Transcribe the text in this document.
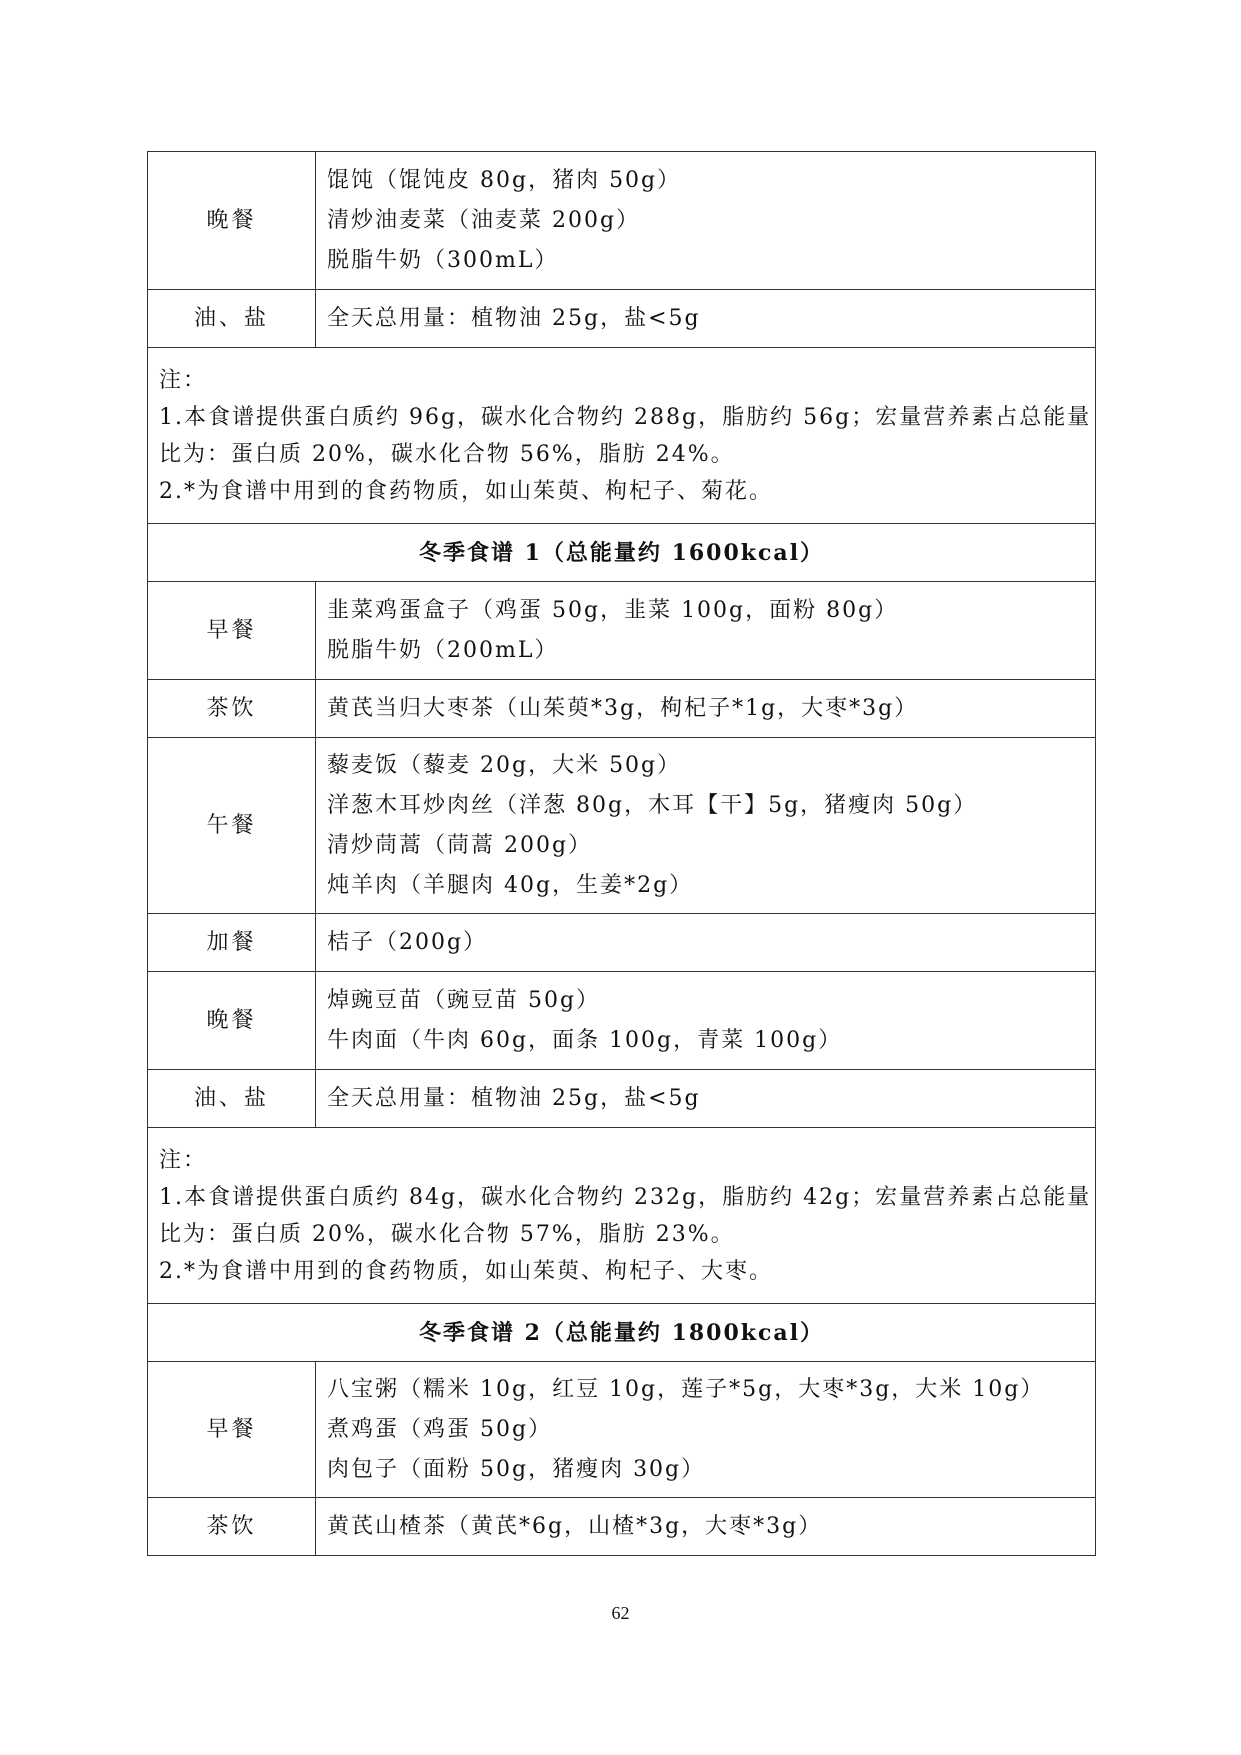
晚餐	馄饨（馄饨皮 80g，猪肉 50g）
清炒油麦菜（油麦菜 200g）
脱脂牛奶（300mL）

油、盐	全天总用量：植物油 25g，盐<5g

注：
1.本食谱提供蛋白质约 96g，碳水化合物约 288g，脂肪约 56g；宏量营养素占总能量比为：蛋白质 20%，碳水化合物 56%，脂肪 24%。
2.*为食谱中用到的食药物质，如山茱萸、枸杞子、菊花。	

冬季食谱 1（总能量约 1600kcal）	
早餐	韭菜鸡蛋盒子（鸡蛋 50g，韭菜 100g，面粉 80g）
脱脂牛奶（200mL）

茶饮	黄芪当归大枣茶（山茱萸*3g，枸杞子*1g，大枣*3g）

午餐	藜麦饭（藜麦 20g，大米 50g）
洋葱木耳炒肉丝（洋葱 80g，木耳【干】5g，猪瘦肉 50g）
清炒茼蒿（茼蒿 200g）
炖羊肉（羊腿肉 40g，生姜*2g）

加餐	桔子（200g）

晚餐	焯豌豆苗（豌豆苗 50g）
牛肉面（牛肉 60g，面条 100g，青菜 100g）

油、盐	全天总用量：植物油 25g，盐<5g

注：
1.本食谱提供蛋白质约 84g，碳水化合物约 232g，脂肪约 42g；宏量营养素占总能量比为：蛋白质 20%，碳水化合物 57%，脂肪 23%。
2.*为食谱中用到的食药物质，如山茱萸、枸杞子、大枣。	

冬季食谱 2（总能量约 1800kcal）	
早餐	八宝粥（糯米 10g，红豆 10g，莲子*5g，大枣*3g，大米 10g）
煮鸡蛋（鸡蛋 50g）
肉包子（面粉 50g，猪瘦肉 30g）

茶饮	黄芪山楂茶（黄芪*6g，山楂*3g，大枣*3g）
62
